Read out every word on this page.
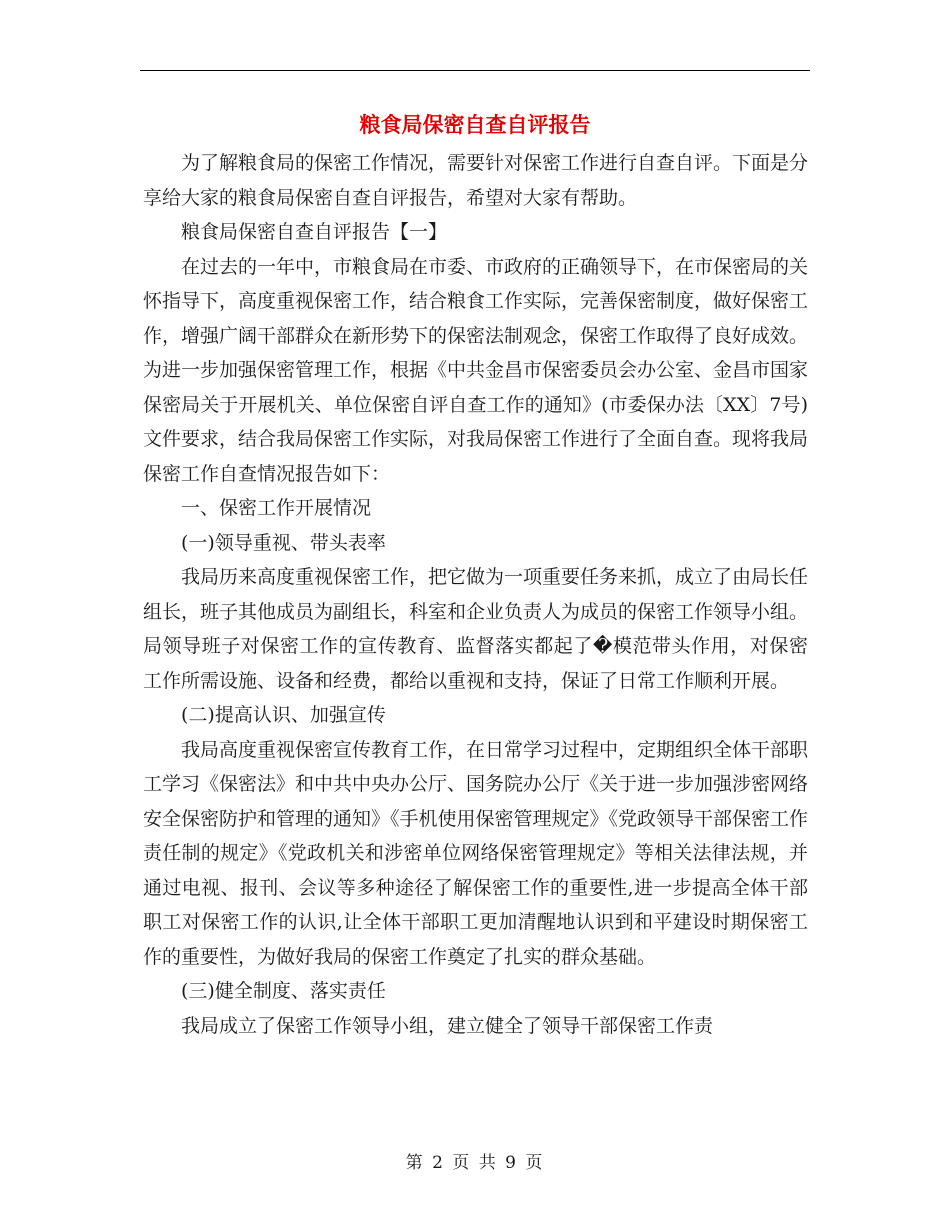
粮食局保密自查自评报告

为了解粮食局的保密工作情况，需要针对保密工作进行自查自评。下面是分享给大家的粮食局保密自查自评报告，希望对大家有帮助。

粮食局保密自查自评报告【一】

在过去的一年中，市粮食局在市委、市政府的正确领导下，在市保密局的关怀指导下，高度重视保密工作，结合粮食工作实际，完善保密制度，做好保密工作，增强广阔干部群众在新形势下的保密法制观念，保密工作取得了良好成效。为进一步加强保密管理工作，根据《中共金昌市保密委员会办公室、金昌市国家保密局关于开展机关、单位保密自评自查工作的通知》(市委保办法〔XX〕7号)文件要求，结合我局保密工作实际，对我局保密工作进行了全面自查。现将我局保密工作自查情况报告如下：

一、保密工作开展情况

(一)领导重视、带头表率

我局历来高度重视保密工作，把它做为一项重要任务来抓，成立了由局长任组长，班子其他成员为副组长，科室和企业负责人为成员的保密工作领导小组。局领导班子对保密工作的宣传教育、监督落实都起了�模范带头作用，对保密工作所需设施、设备和经费，都给以重视和支持，保证了日常工作顺利开展。

(二)提高认识、加强宣传

我局高度重视保密宣传教育工作，在日常学习过程中，定期组织全体干部职工学习《保密法》和中共中央办公厅、国务院办公厅《关于进一步加强涉密网络安全保密防护和管理的通知》《手机使用保密管理规定》《党政领导干部保密工作责任制的规定》《党政机关和涉密单位网络保密管理规定》等相关法律法规，并通过电视、报刊、会议等多种途径了解保密工作的重要性,进一步提高全体干部职工对保密工作的认识,让全体干部职工更加清醒地认识到和平建设时期保密工作的重要性，为做好我局的保密工作奠定了扎实的群众基础。

(三)健全制度、落实责任

我局成立了保密工作领导小组，建立健全了领导干部保密工作责

第 2 页 共 9 页
